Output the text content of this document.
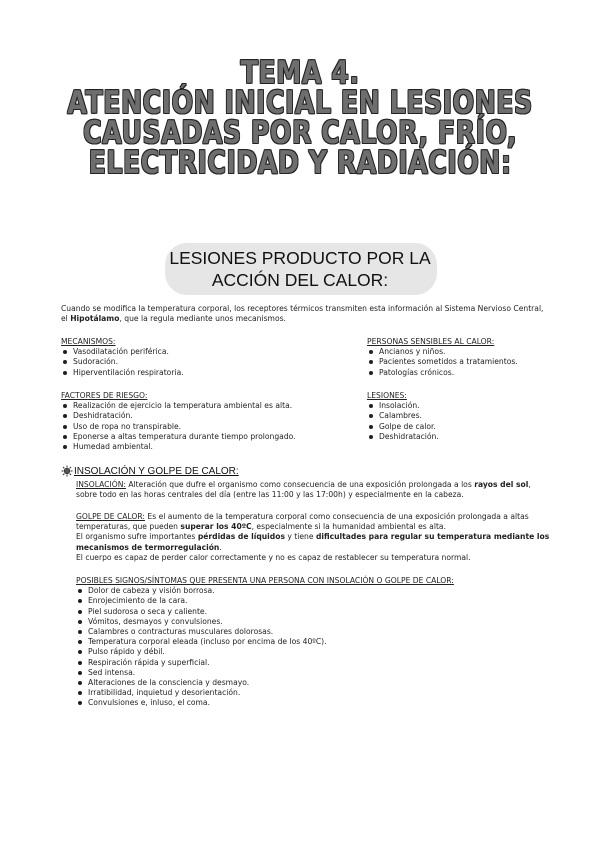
TEMA 4.
ATENCIÓN INICIAL EN LESIONES
CAUSADAS POR CALOR, FRÍO,
ELECTRICIDAD Y RADIACIÓN:
LESIONES PRODUCTO POR LA
ACCIÓN DEL CALOR:
Cuando se modifica la temperatura corporal, los receptores térmicos transmiten esta información al Sistema Nervioso Central,
el Hipotálamo, que la regula mediante unos mecanismos.
MECANISMOS:
Vasodilatación periférica.
Sudoración.
Hiperventilación respiratoria.
FACTORES DE RIESGO:
Realización de ejercicio la temperatura ambiental es alta.
Deshidratación.
Uso de ropa no transpirable.
Eponerse a altas temperatura durante tiempo prolongado.
Humedad ambiental.
PERSONAS SENSIBLES AL CALOR:
Ancianos y niños.
Pacientes sometidos a tratamientos.
Patologías crónicos.
LESIONES:
Insolación.
Calambres.
Golpe de calor.
Deshidratación.
INSOLACIÓN Y GOLPE DE CALOR:
INSOLACIÓN: Alteración que dufre el organismo como consecuencia de una exposición prolongada a los rayos del sol,
sobre todo en las horas centrales del día (entre las 11:00 y las 17:00h) y especialmente en la cabeza.
GOLPE DE CALOR: Es el aumento de la temperatura corporal como consecuencia de una exposición prolongada a altas
temperaturas, que pueden superar los 40ºC, especialmente si la humanidad ambiental es alta.
El organismo sufre importantes pérdidas de líquidos y tiene dificultades para regular su temperatura mediante los
mecanismos de termorregulación.
El cuerpo es capaz de perder calor correctamente y no es capaz de restablecer su temperatura normal.
POSIBLES SIGNOS/SÍNTOMAS QUE PRESENTA UNA PERSONA CON INSOLACIÓN O GOLPE DE CALOR:
Dolor de cabeza y visión borrosa.
Enrojecimiento de la cara.
Piel sudorosa o seca y caliente.
Vómitos, desmayos y convulsiones.
Calambres o contracturas musculares dolorosas.
Temperatura corporal eleada (incluso por encima de los 40ºC).
Pulso rápido y débil.
Respiración rápida y superficial.
Sed intensa.
Alteraciones de la consciencia y desmayo.
Irratibilidad, inquietud y desorientación.
Convulsiones e, inluso, el coma.
